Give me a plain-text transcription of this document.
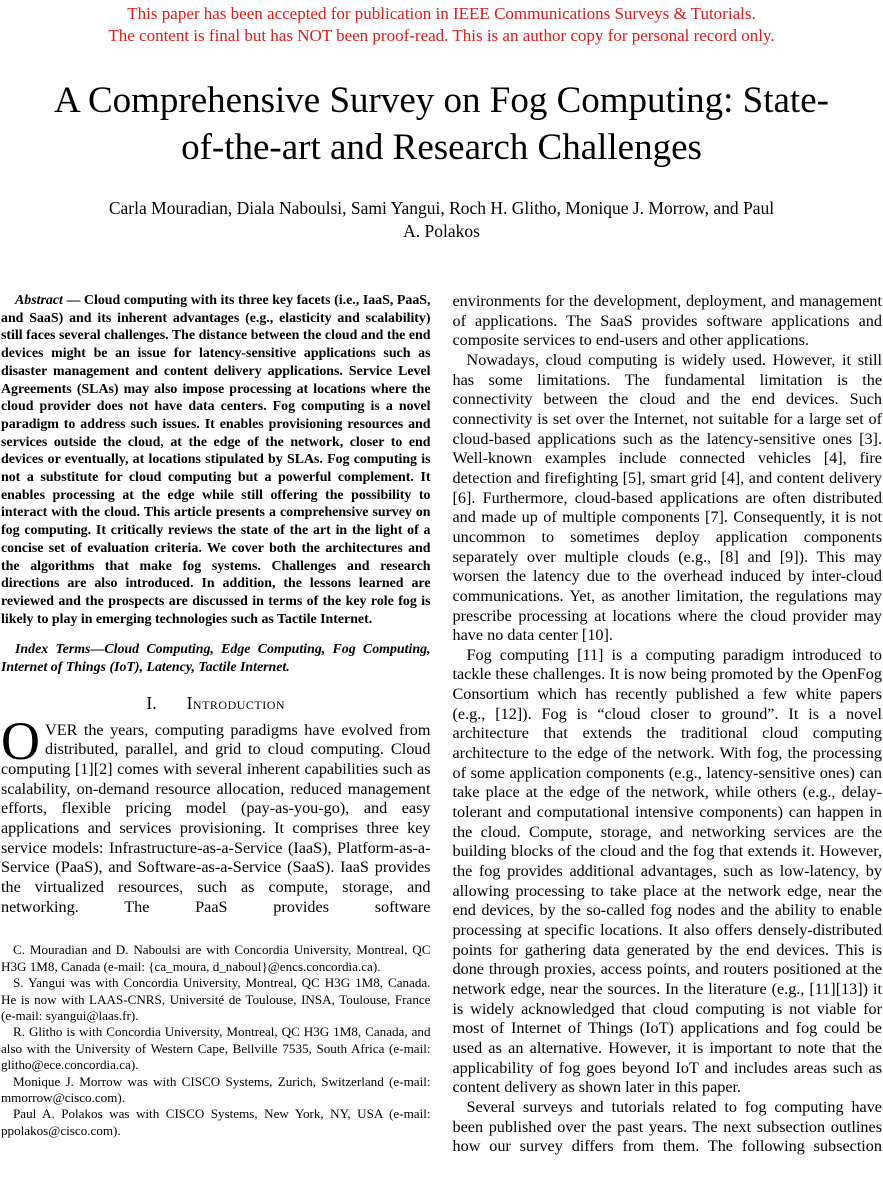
This paper has been accepted for publication in IEEE Communications Surveys & Tutorials.
The content is final but has NOT been proof-read. This is an author copy for personal record only.
A Comprehensive Survey on Fog Computing: State-
of-the-art and Research Challenges
Carla Mouradian, Diala Naboulsi, Sami Yangui, Roch H. Glitho, Monique J. Morrow, and Paul
A. Polakos

Abstract — Cloud computing with its three key facets (i.e., IaaS, PaaS, and SaaS) and its inherent advantages (e.g., elasticity and scalability) still faces several challenges. The distance between the cloud and the end devices might be an issue for latency-sensitive applications such as disaster management and content delivery applications. Service Level Agreements (SLAs) may also impose processing at locations where the cloud provider does not have data centers. Fog computing is a novel paradigm to address such issues. It enables provisioning resources and services outside the cloud, at the edge of the network, closer to end devices or eventually, at locations stipulated by SLAs. Fog computing is not a substitute for cloud computing but a powerful complement. It enables processing at the edge while still offering the possibility to interact with the cloud. This article presents a comprehensive survey on fog computing. It critically reviews the state of the art in the light of a concise set of evaluation criteria. We cover both the architectures and the algorithms that make fog systems. Challenges and research directions are also introduced. In addition, the lessons learned are reviewed and the prospects are discussed in terms of the key role fog is likely to play in emerging technologies such as Tactile Internet.

Index Terms—Cloud Computing, Edge Computing, Fog Computing, Internet of Things (IoT), Latency, Tactile Internet.

I. Introduction

OVER the years, computing paradigms have evolved from distributed, parallel, and grid to cloud computing. Cloud computing [1][2] comes with several inherent capabilities such as scalability, on-demand resource allocation, reduced management efforts, flexible pricing model (pay-as-you-go), and easy applications and services provisioning. It comprises three key service models: Infrastructure-as-a-Service (IaaS), Platform-as-a-Service (PaaS), and Software-as-a-Service (SaaS). IaaS provides the virtualized resources, such as compute, storage, and networking. The PaaS provides software

C. Mouradian and D. Naboulsi are with Concordia University, Montreal, QC H3G 1M8, Canada (e-mail: {ca_moura, d_naboul}@encs.concordia.ca).

S. Yangui was with Concordia University, Montreal, QC H3G 1M8, Canada. He is now with LAAS-CNRS, Université de Toulouse, INSA, Toulouse, France (e-mail: syangui@laas.fr).

R. Glitho is with Concordia University, Montreal, QC H3G 1M8, Canada, and also with the University of Western Cape, Bellville 7535, South Africa (e-mail: glitho@ece.concordia.ca).

Monique J. Morrow was with CISCO Systems, Zurich, Switzerland (e-mail: mmorrow@cisco.com).

Paul A. Polakos was with CISCO Systems, New York, NY, USA (e-mail: ppolakos@cisco.com).

environments for the development, deployment, and management of applications. The SaaS provides software applications and composite services to end-users and other applications.

Nowadays, cloud computing is widely used. However, it still has some limitations. The fundamental limitation is the connectivity between the cloud and the end devices. Such connectivity is set over the Internet, not suitable for a large set of cloud-based applications such as the latency-sensitive ones [3]. Well-known examples include connected vehicles [4], fire detection and firefighting [5], smart grid [4], and content delivery [6]. Furthermore, cloud-based applications are often distributed and made up of multiple components [7]. Consequently, it is not uncommon to sometimes deploy application components separately over multiple clouds (e.g., [8] and [9]). This may worsen the latency due to the overhead induced by inter-cloud communications. Yet, as another limitation, the regulations may prescribe processing at locations where the cloud provider may have no data center [10].

Fog computing [11] is a computing paradigm introduced to tackle these challenges. It is now being promoted by the OpenFog Consortium which has recently published a few white papers (e.g., [12]). Fog is “cloud closer to ground”. It is a novel architecture that extends the traditional cloud computing architecture to the edge of the network. With fog, the processing of some application components (e.g., latency-sensitive ones) can take place at the edge of the network, while others (e.g., delay-tolerant and computational intensive components) can happen in the cloud. Compute, storage, and networking services are the building blocks of the cloud and the fog that extends it. However, the fog provides additional advantages, such as low-latency, by allowing processing to take place at the network edge, near the end devices, by the so-called fog nodes and the ability to enable processing at specific locations. It also offers densely-distributed points for gathering data generated by the end devices. This is done through proxies, access points, and routers positioned at the network edge, near the sources. In the literature (e.g., [11][13]) it is widely acknowledged that cloud computing is not viable for most of Internet of Things (IoT) applications and fog could be used as an alternative. However, it is important to note that the applicability of fog goes beyond IoT and includes areas such as content delivery as shown later in this paper.

Several surveys and tutorials related to fog computing have been published over the past years. The next subsection outlines how our survey differs from them. The following subsection
